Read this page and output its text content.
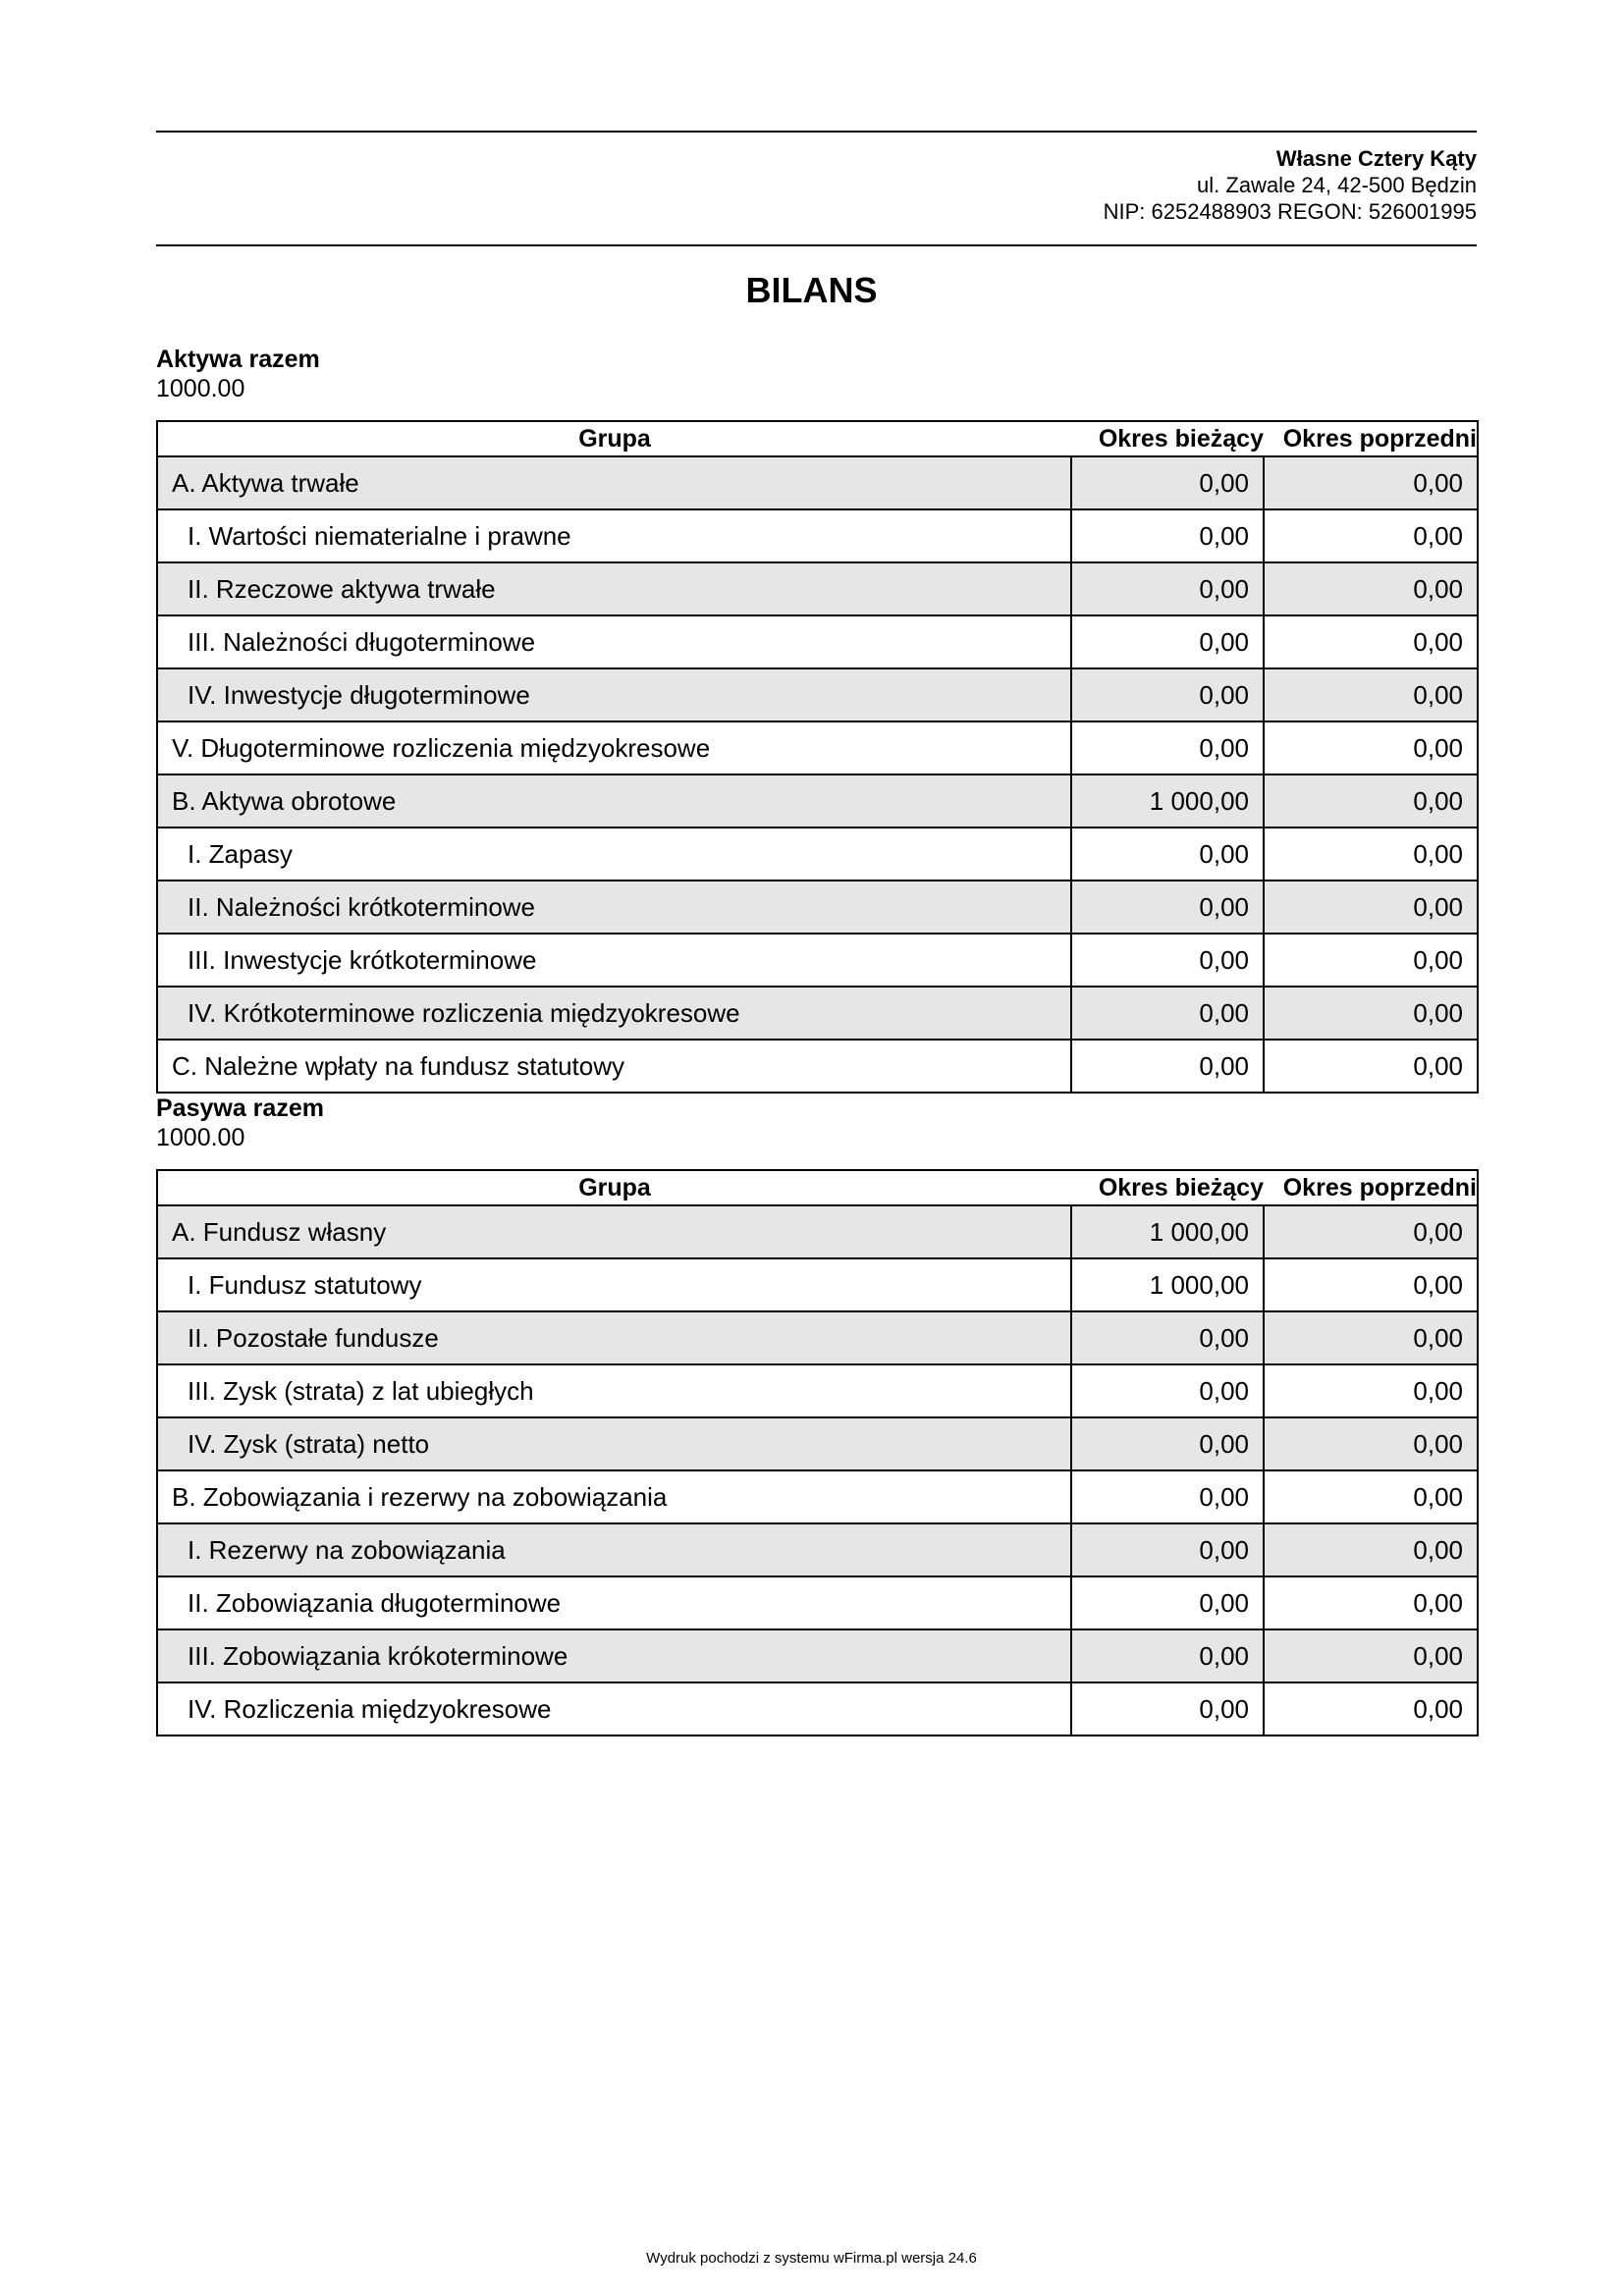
Własne Cztery Kąty
ul. Zawale 24, 42-500 Będzin
NIP: 6252488903 REGON: 526001995
BILANS
Aktywa razem
1000.00
Grupa	Okres bieżący	Okres poprzedni
A. Aktywa trwałe	0,00	0,00
I. Wartości niematerialne i prawne	0,00	0,00
II. Rzeczowe aktywa trwałe	0,00	0,00
III. Należności długoterminowe	0,00	0,00
IV. Inwestycje długoterminowe	0,00	0,00
V. Długoterminowe rozliczenia międzyokresowe	0,00	0,00
B. Aktywa obrotowe	1 000,00	0,00
I. Zapasy	0,00	0,00
II. Należności krótkoterminowe	0,00	0,00
III. Inwestycje krótkoterminowe	0,00	0,00
IV. Krótkoterminowe rozliczenia międzyokresowe	0,00	0,00
C. Należne wpłaty na fundusz statutowy	0,00	0,00
Pasywa razem
1000.00
Grupa	Okres bieżący	Okres poprzedni
A. Fundusz własny	1 000,00	0,00
I. Fundusz statutowy	1 000,00	0,00
II. Pozostałe fundusze	0,00	0,00
III. Zysk (strata) z lat ubiegłych	0,00	0,00
IV. Zysk (strata) netto	0,00	0,00
B. Zobowiązania i rezerwy na zobowiązania	0,00	0,00
I. Rezerwy na zobowiązania	0,00	0,00
II. Zobowiązania długoterminowe	0,00	0,00
III. Zobowiązania krókoterminowe	0,00	0,00
IV. Rozliczenia międzyokresowe	0,00	0,00
Wydruk pochodzi z systemu wFirma.pl wersja 24.6
